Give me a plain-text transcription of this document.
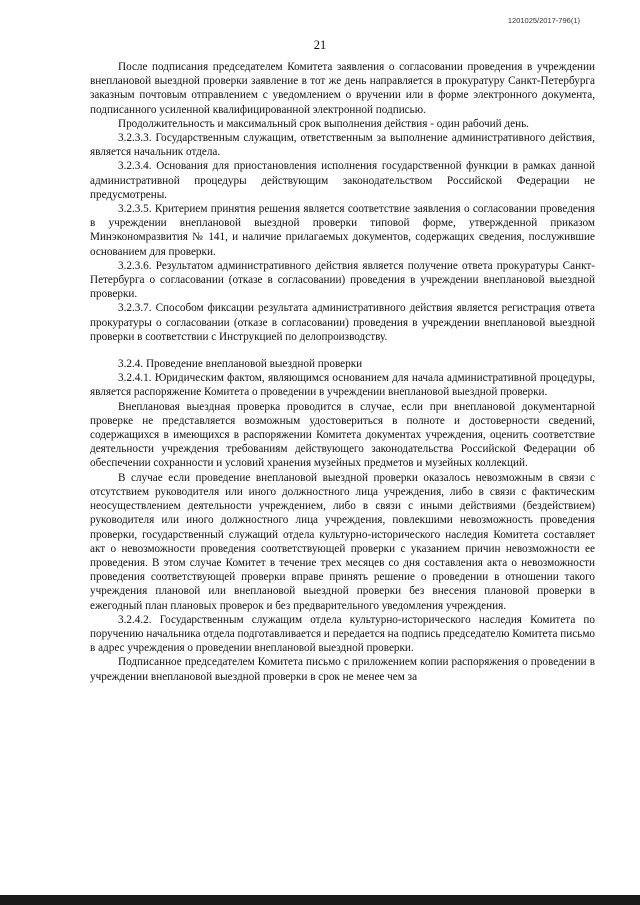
1201025/2017-796(1)
21

После подписания председателем Комитета заявления о согласовании проведения в учреждении внеплановой выездной проверки заявление в тот же день направляется в прокуратуру Санкт-Петербурга заказным почтовым отправлением с уведомлением о вручении или в форме электронного документа, подписанного усиленной квалифицированной электронной подписью.

Продолжительность и максимальный срок выполнения действия - один рабочий день.

3.2.3.3. Государственным служащим, ответственным за выполнение административного действия, является начальник отдела.

3.2.3.4. Основания для приостановления исполнения государственной функции в рамках данной административной процедуры действующим законодательством Российской Федерации не предусмотрены.

3.2.3.5. Критерием принятия решения является соответствие заявления о согласовании проведения в учреждении внеплановой выездной проверки типовой форме, утвержденной приказом Минэкономразвития № 141, и наличие прилагаемых документов, содержащих сведения, послужившие основанием для проверки.

3.2.3.6. Результатом административного действия является получение ответа прокуратуры Санкт-Петербурга о согласовании (отказе в согласовании) проведения в учреждении внеплановой выездной проверки.

3.2.3.7. Способом фиксации результата административного действия является регистрация ответа прокуратуры о согласовании (отказе в согласовании) проведения в учреждении внеплановой выездной проверки в соответствии с Инструкцией по делопроизводству.

3.2.4. Проведение внеплановой выездной проверки

3.2.4.1. Юридическим фактом, являющимся основанием для начала административной процедуры, является распоряжение Комитета о проведении в учреждении внеплановой выездной проверки.

Внеплановая выездная проверка проводится в случае, если при внеплановой документарной проверке не представляется возможным удостовериться в полноте и достоверности сведений, содержащихся в имеющихся в распоряжении Комитета документах учреждения, оценить соответствие деятельности учреждения требованиям действующего законодательства Российской Федерации об обеспечении сохранности и условий хранения музейных предметов и музейных коллекций.

В случае если проведение внеплановой выездной проверки оказалось невозможным в связи с отсутствием руководителя или иного должностного лица учреждения, либо в связи с фактическим неосуществлением деятельности учреждением, либо в связи с иными действиями (бездействием) руководителя или иного должностного лица учреждения, повлекшими невозможность проведения проверки, государственный служащий отдела культурно-исторического наследия Комитета составляет акт о невозможности проведения соответствующей проверки с указанием причин невозможности ее проведения. В этом случае Комитет в течение трех месяцев со дня составления акта о невозможности проведения соответствующей проверки вправе принять решение о проведении в отношении такого учреждения плановой или внеплановой выездной проверки без внесения плановой проверки в ежегодный план плановых проверок и без предварительного уведомления учреждения.

3.2.4.2. Государственным служащим отдела культурно-исторического наследия Комитета по поручению начальника отдела подготавливается и передается на подпись председателю Комитета письмо в адрес учреждения о проведении внеплановой выездной проверки.

Подписанное председателем Комитета письмо с приложением копии распоряжения о проведении в учреждении внеплановой выездной проверки в срок не менее чем за
